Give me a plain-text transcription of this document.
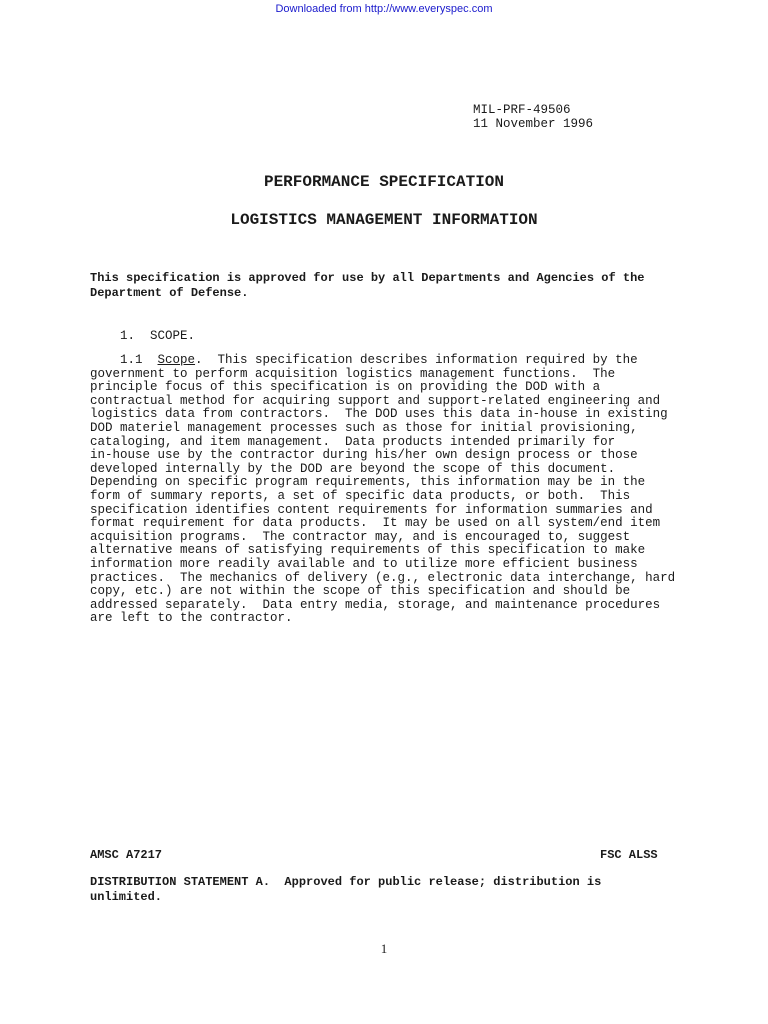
Downloaded from http://www.everyspec.com
MIL-PRF-49506
11 November 1996
PERFORMANCE SPECIFICATION
LOGISTICS MANAGEMENT INFORMATION
This specification is approved for use by all Departments and Agencies of the
Department of Defense.
1.  SCOPE.
1.1  Scope.  This specification describes information required by the
government to perform acquisition logistics management functions.  The
principle focus of this specification is on providing the DOD with a
contractual method for acquiring support and support-related engineering and
logistics data from contractors.  The DOD uses this data in-house in existing
DOD materiel management processes such as those for initial provisioning,
cataloging, and item management.  Data products intended primarily for
in-house use by the contractor during his/her own design process or those
developed internally by the DOD are beyond the scope of this document.
Depending on specific program requirements, this information may be in the
form of summary reports, a set of specific data products, or both.  This
specification identifies content requirements for information summaries and
format requirement for data products.  It may be used on all system/end item
acquisition programs.  The contractor may, and is encouraged to, suggest
alternative means of satisfying requirements of this specification to make
information more readily available and to utilize more efficient business
practices.  The mechanics of delivery (e.g., electronic data interchange, hard
copy, etc.) are not within the scope of this specification and should be
addressed separately.  Data entry media, storage, and maintenance procedures
are left to the contractor.
AMSC A7217	FSC ALSS
DISTRIBUTION STATEMENT A.  Approved for public release; distribution is
unlimited.
1
